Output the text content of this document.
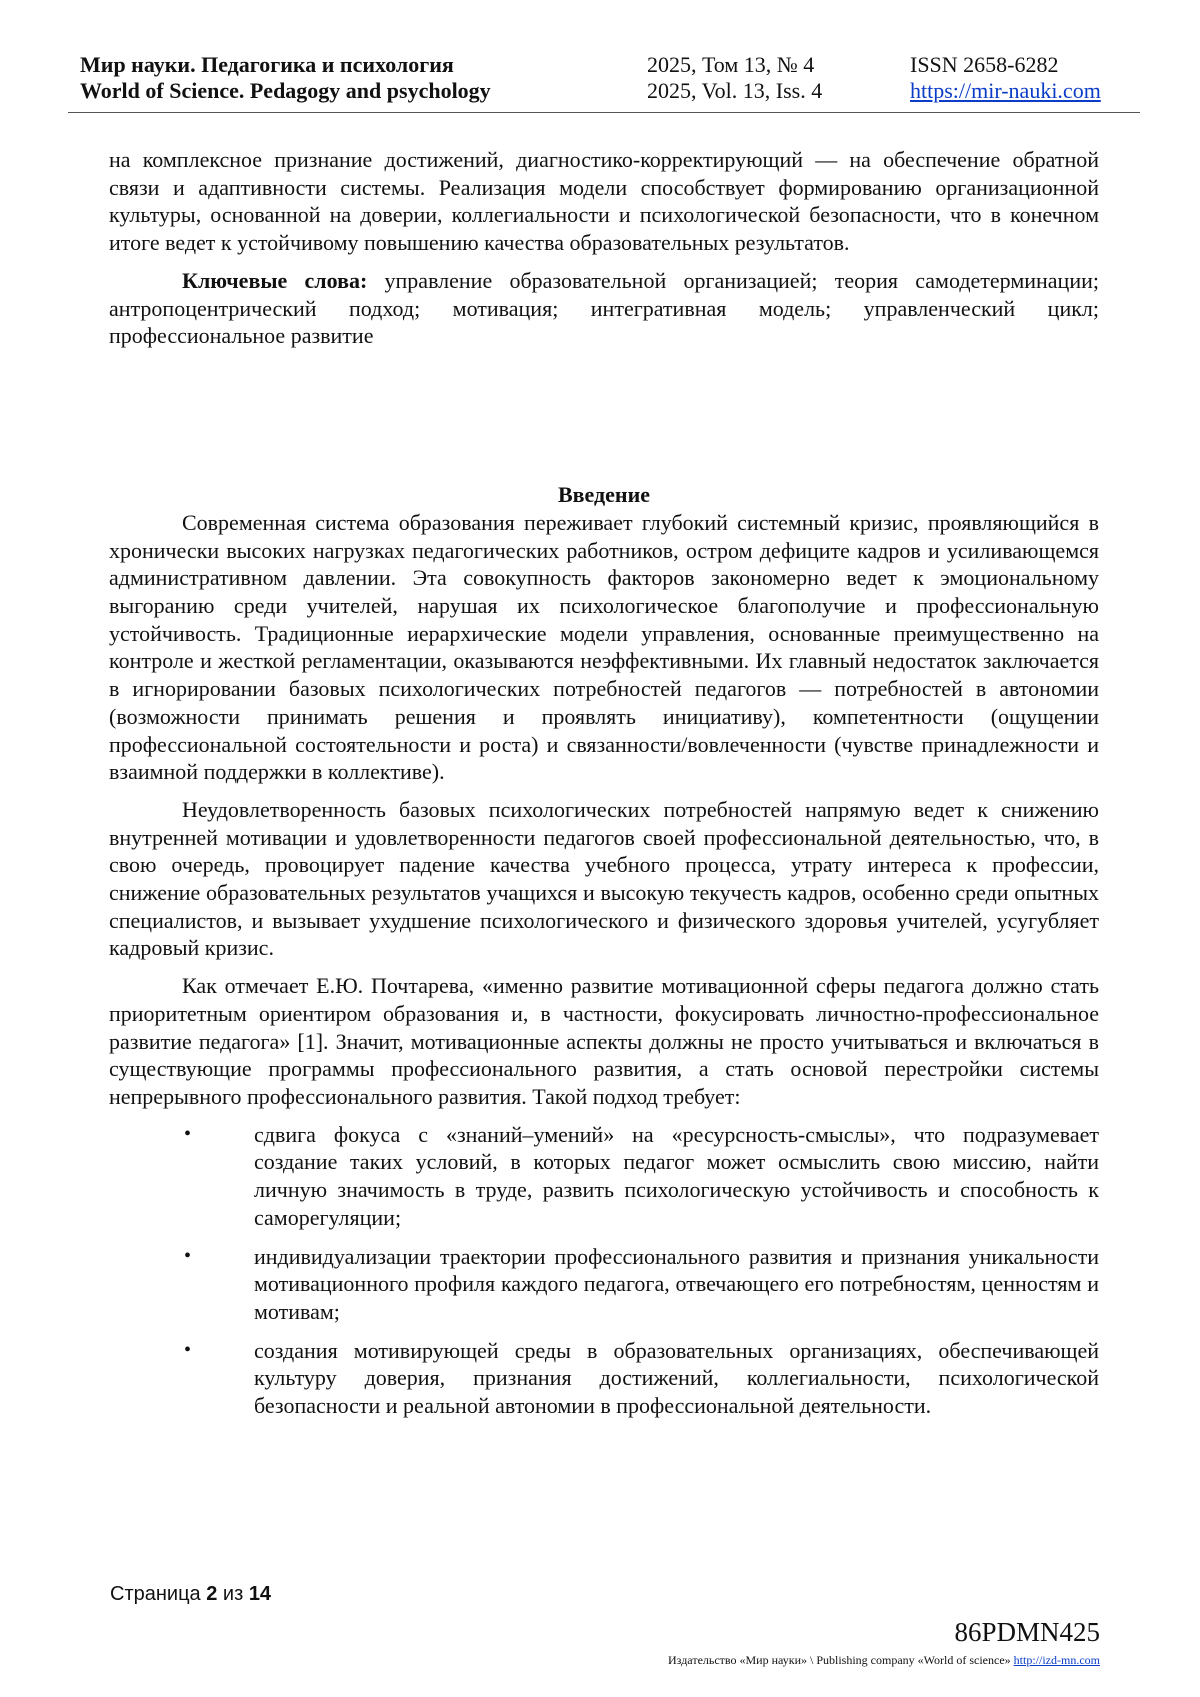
Мир науки. Педагогика и психология
World of Science. Pedagogy and psychology
2025, Том 13, № 4
2025, Vol. 13, Iss. 4
ISSN 2658-6282
https://mir-nauki.com

на комплексное признание достижений, диагностико-корректирующий — на обеспечение обратной связи и адаптивности системы. Реализация модели способствует формированию организационной культуры, основанной на доверии, коллегиальности и психологической безопасности, что в конечном итоге ведет к устойчивому повышению качества образовательных результатов.

Ключевые слова: управление образовательной организацией; теория самодетерминации; антропоцентрический подход; мотивация; интегративная модель; управленческий цикл; профессиональное развитие

Введение

Современная система образования переживает глубокий системный кризис, проявляющийся в хронически высоких нагрузках педагогических работников, остром дефиците кадров и усиливающемся административном давлении. Эта совокупность факторов закономерно ведет к эмоциональному выгоранию среди учителей, нарушая их психологическое благополучие и профессиональную устойчивость. Традиционные иерархические модели управления, основанные преимущественно на контроле и жесткой регламентации, оказываются неэффективными. Их главный недостаток заключается в игнорировании базовых психологических потребностей педагогов — потребностей в автономии (возможности принимать решения и проявлять инициативу), компетентности (ощущении профессиональной состоятельности и роста) и связанности/вовлеченности (чувстве принадлежности и взаимной поддержки в коллективе).

Неудовлетворенность базовых психологических потребностей напрямую ведет к снижению внутренней мотивации и удовлетворенности педагогов своей профессиональной деятельностью, что, в свою очередь, провоцирует падение качества учебного процесса, утрату интереса к профессии, снижение образовательных результатов учащихся и высокую текучесть кадров, особенно среди опытных специалистов, и вызывает ухудшение психологического и физического здоровья учителей, усугубляет кадровый кризис.

Как отмечает Е.Ю. Почтарева, «именно развитие мотивационной сферы педагога должно стать приоритетным ориентиром образования и, в частности, фокусировать личностно-профессиональное развитие педагога» [1]. Значит, мотивационные аспекты должны не просто учитываться и включаться в существующие программы профессионального развития, а стать основой перестройки системы непрерывного профессионального развития. Такой подход требует:

•	сдвига фокуса с «знаний–умений» на «ресурсность-смыслы», что подразумевает создание таких условий, в которых педагог может осмыслить свою миссию, найти личную значимость в труде, развить психологическую устойчивость и способность к саморегуляции;
•	индивидуализации траектории профессионального развития и признания уникальности мотивационного профиля каждого педагога, отвечающего его потребностям, ценностям и мотивам;
•	создания мотивирующей среды в образовательных организациях, обеспечивающей культуру доверия, признания достижений, коллегиальности, психологической безопасности и реальной автономии в профессиональной деятельности.
Страница 2 из 14
86PDMN425
Издательство «Мир науки» \ Publishing company «World of science» http://izd-mn.com
